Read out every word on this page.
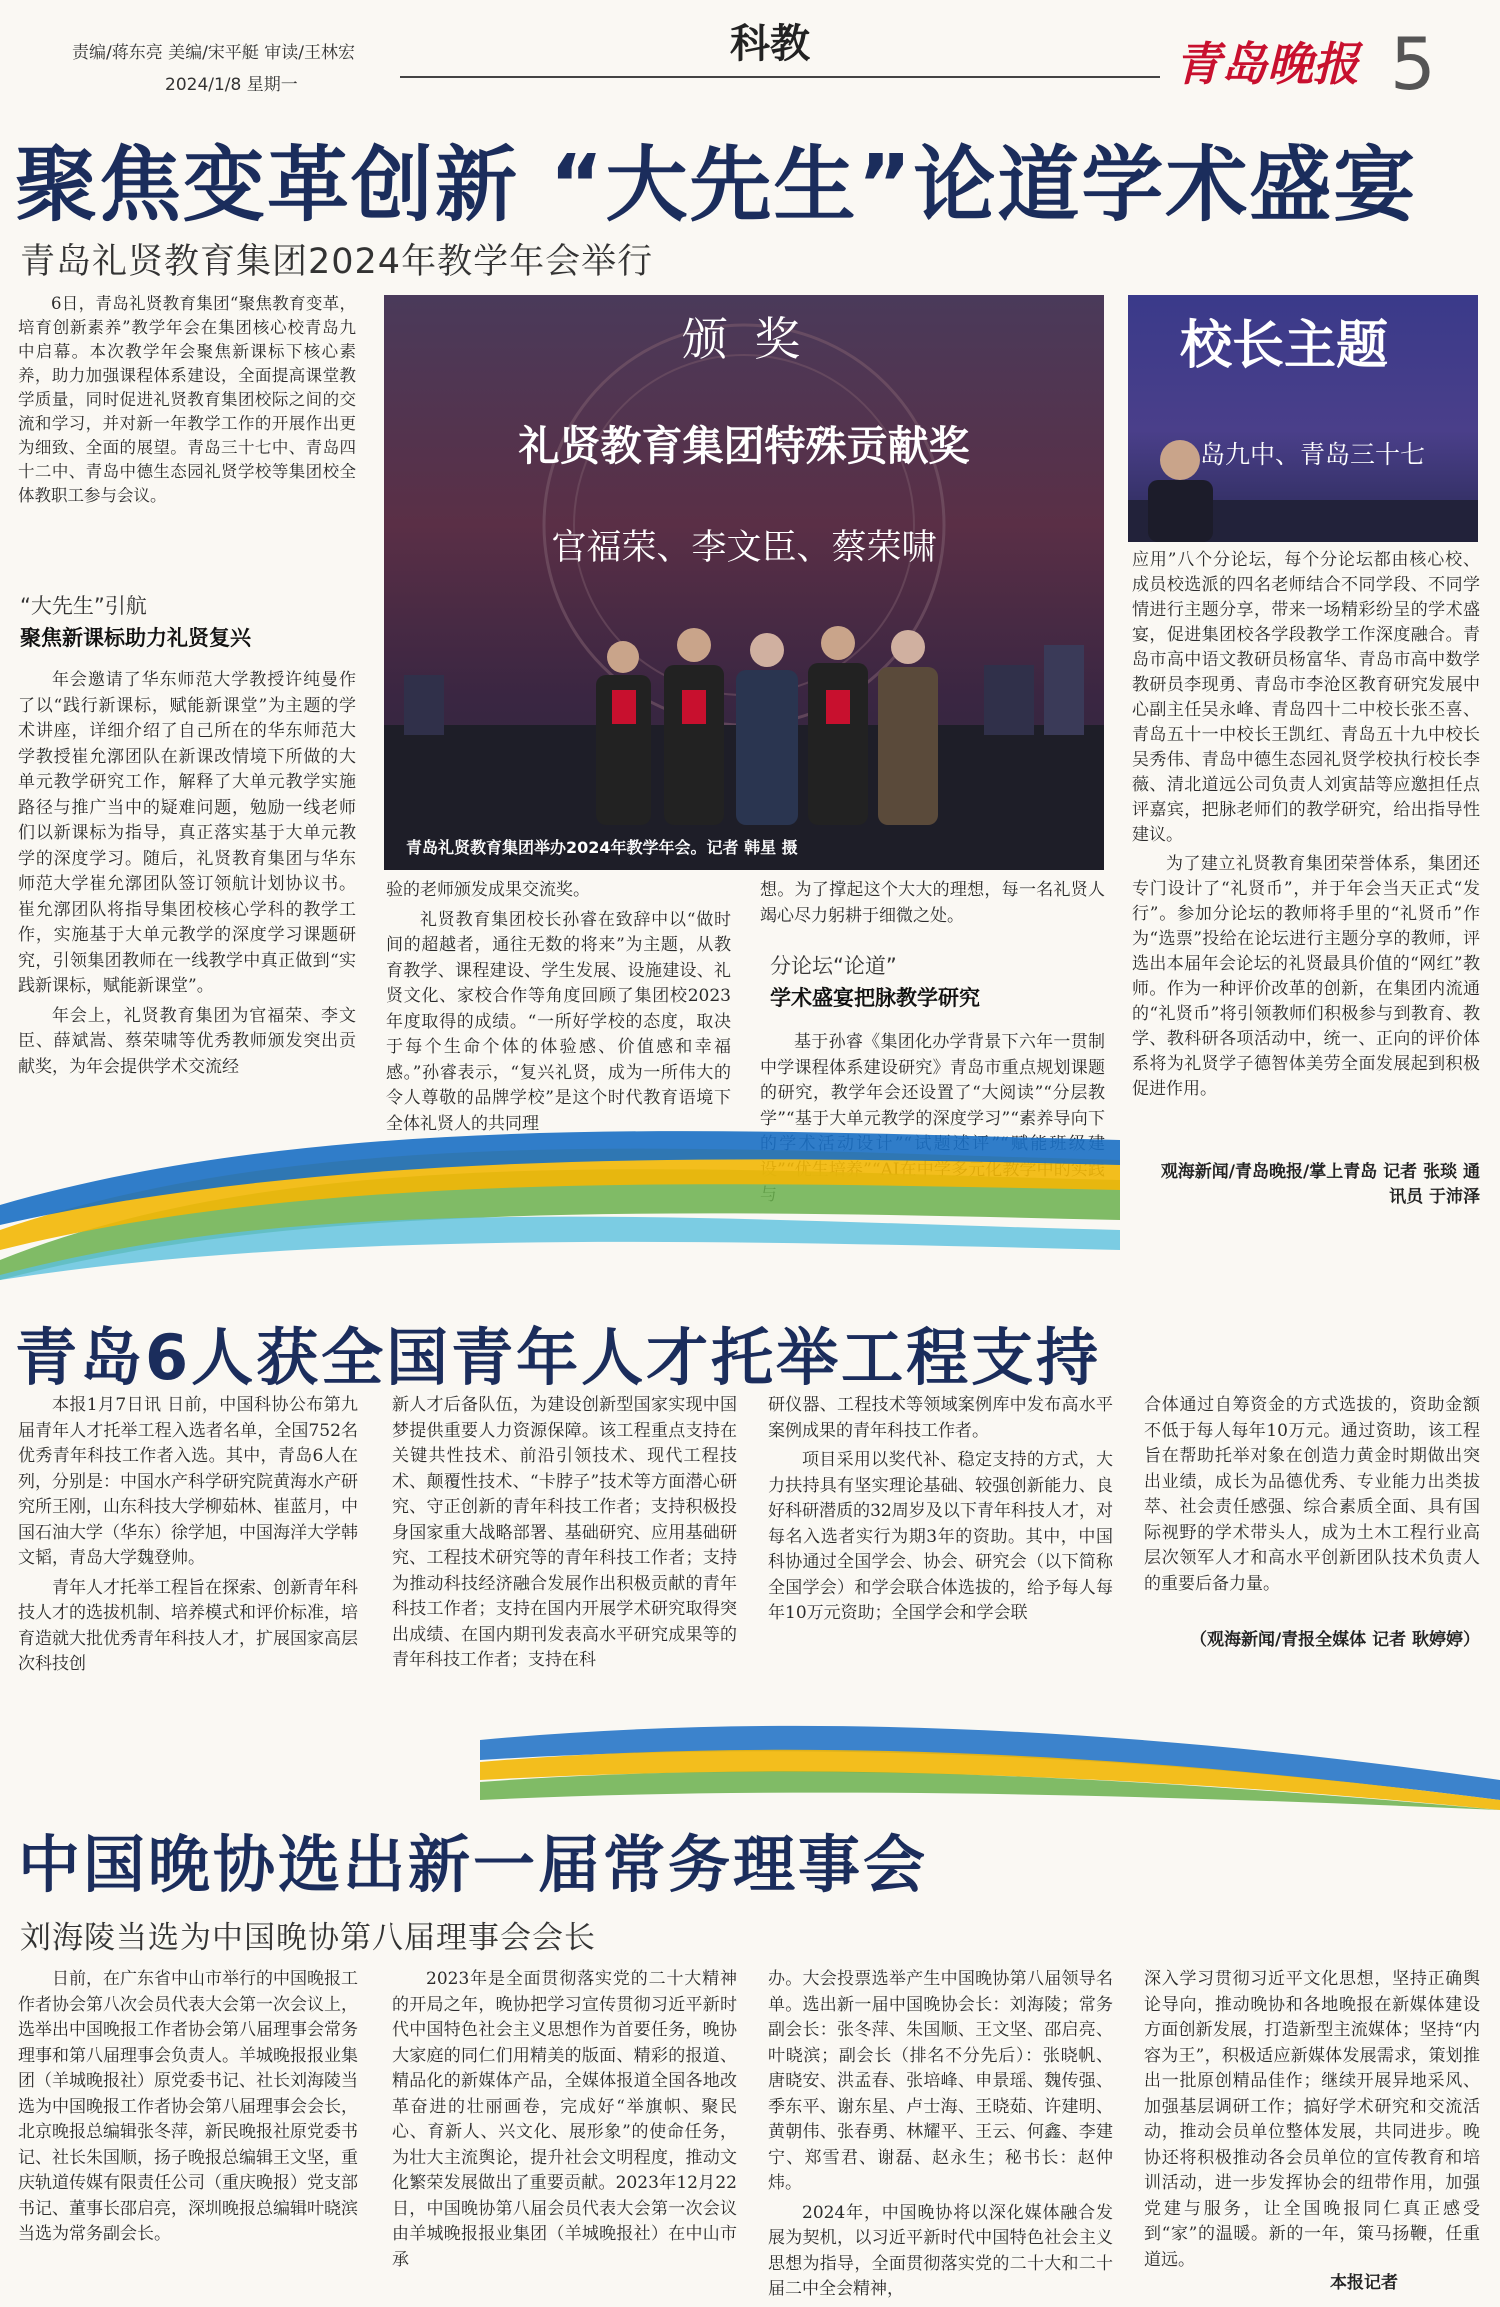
责编/蒋东亮 美编/宋平艇 审读/王林宏
2024/1/8 星期一
科教	青岛晚报 5
聚焦变革创新 “大先生”论道学术盛宴
青岛礼贤教育集团2024年教学年会举行

6日，青岛礼贤教育集团“聚焦教育变革，培育创新素养”教学年会在集团核心校青岛九中启幕。本次教学年会聚焦新课标下核心素养，助力加强课程体系建设，全面提高课堂教学质量，同时促进礼贤教育集团校际之间的交流和学习，并对新一年教学工作的开展作出更为细致、全面的展望。青岛三十七中、青岛四十二中、青岛中德生态园礼贤学校等集团校全体教职工参与会议。

“大先生”引航
聚焦新课标助力礼贤复兴

年会邀请了华东师范大学教授许纯曼作了以“践行新课标，赋能新课堂”为主题的学术讲座，详细介绍了自己所在的华东师范大学教授崔允漷团队在新课改情境下所做的大单元教学研究工作，解释了大单元教学实施路径与推广当中的疑难问题，勉励一线老师们以新课标为指导，真正落实基于大单元教学的深度学习。随后，礼贤教育集团与华东师范大学崔允漷团队签订领航计划协议书。崔允漷团队将指导集团校核心学科的教学工作，实施基于大单元教学的深度学习课题研究，引领集团教师在一线教学中真正做到“实践新课标，赋能新课堂”。

年会上，礼贤教育集团为官福荣、李文臣、薛斌嵩、蔡荣啸等优秀教师颁发突出贡献奖，为年会提供学术交流经

颁 奖
礼贤教育集团特殊贡献奖
官福荣、李文臣、蔡荣啸
青岛礼贤教育集团举办2024年教学年会。记者 韩星 摄
校长主题
岛九中、青岛三十七

验的老师颁发成果交流奖。

礼贤教育集团校长孙睿在致辞中以“做时间的超越者，通往无数的将来”为主题，从教育教学、课程建设、学生发展、设施建设、礼贤文化、家校合作等角度回顾了集团校2023年度取得的成绩。“一所好学校的态度，取决于每个生命个体的体验感、价值感和幸福感。”孙睿表示，“复兴礼贤，成为一所伟大的令人尊敬的品牌学校”是这个时代教育语境下全体礼贤人的共同理

想。为了撑起这个大大的理想，每一名礼贤人竭心尽力躬耕于细微之处。

分论坛“论道”
学术盛宴把脉教学研究

基于孙睿《集团化办学背景下六年一贯制中学课程体系建设研究》青岛市重点规划课题的研究，教学年会还设置了“大阅读”“分层教学”“基于大单元教学的深度学习”“素养导向下

应用”八个分论坛，每个分论坛都由核心校、成员校选派的四名老师结合不同学段、不同学情进行主题分享，带来一场精彩纷呈的学术盛宴，促进集团校各学段教学工作深度融合。青岛市高中语文教研员杨富华、青岛市高中数学教研员李现勇、青岛市李沧区教育研究发展中心副主任吴永峰、青岛四十二中校长张丕喜、青岛五十一中校长王凯红、青岛五十九中校长吴秀伟、青岛中德生态园礼贤学校执行校长李薇、清北道远公司负责人刘寅喆等应邀担任点评嘉宾，把脉老师们的教学研究，给出指导性建议。

为了建立礼贤教育集团荣誉体系，集团还专门设计了“礼贤币”，并于年会当天正式“发行”。参加分论坛的教师将手里的“礼贤币”作为“选票”投给在论坛进行主题分享的教师，评选出本届年会论坛的礼贤最具价值的“网红”教师。作为一种评价改革的创新，在集团内流通的“礼贤币”将引领教师们积极参与到教育、教学、教科研各项活动中，统一、正向的评价体系将为礼贤学子德智体美劳全面发展起到积极促进作用。

观海新闻/青岛晚报/掌上青岛 记者 张琰 通讯员 于沛泽
青岛6人获全国青年人才托举工程支持

本报1月7日讯 日前，中国科协公布第九届青年人才托举工程入选者名单，全国752名优秀青年科技工作者入选。其中，青岛6人在列，分别是：中国水产科学研究院黄海水产研究所王刚，山东科技大学柳茹林、崔蓝月，中国石油大学（华东）徐学旭，中国海洋大学韩文韬，青岛大学魏登帅。

青年人才托举工程旨在探索、创新青年科技人才的选拔机制、培养模式和评价标准，培育造就大批优秀青年科技人才，扩展国家高层次科技创

新人才后备队伍，为建设创新型国家实现中国梦提供重要人力资源保障。该工程重点支持在关键共性技术、前沿引领技术、现代工程技术、颠覆性技术、“卡脖子”技术等方面潜心研究、守正创新的青年科技工作者；支持积极投身国家重大战略部署、基础研究、应用基础研究、工程技术研究等的青年科技工作者；支持为推动科技经济融合发展作出积极贡献的青年科技工作者；支持在国内开展学术研究取得突出成绩、在国内期刊发表高水平研究成果等的青年科技工作者；支持在科

研仪器、工程技术等领域案例库中发布高水平案例成果的青年科技工作者。

项目采用以奖代补、稳定支持的方式，大力扶持具有坚实理论基础、较强创新能力、良好科研潜质的32周岁及以下青年科技人才，对每名入选者实行为期3年的资助。其中，中国科协通过全国学会、协会、研究会（以下简称全国学会）和学会联合体选拔的，给予每人每年10万元资助；全国学会和学会联

合体通过自筹资金的方式选拔的，资助金额不低于每人每年10万元。通过资助，该工程旨在帮助托举对象在创造力黄金时期做出突出业绩，成长为品德优秀、专业能力出类拔萃、社会责任感强、综合素质全面、具有国际视野的学术带头人，成为土木工程行业高层次领军人才和高水平创新团队技术负责人的重要后备力量。

（观海新闻/青报全媒体 记者 耿婷婷）
中国晚协选出新一届常务理事会
刘海陵当选为中国晚协第八届理事会会长

日前，在广东省中山市举行的中国晚报工作者协会第八次会员代表大会第一次会议上，选举出中国晚报工作者协会第八届理事会常务理事和第八届理事会负责人。羊城晚报报业集团（羊城晚报社）原党委书记、社长刘海陵当选为中国晚报工作者协会第八届理事会会长，北京晚报总编辑张冬萍，新民晚报社原党委书记、社长朱国顺，扬子晚报总编辑王文坚，重庆轨道传媒有限责任公司（重庆晚报）党支部书记、董事长邵启亮，深圳晚报总编辑叶晓滨当选为常务副会长。

2023年是全面贯彻落实党的二十大精神的开局之年，晚协把学习宣传贯彻习近平新时代中国特色社会主义思想作为首要任务，晚协大家庭的同仁们用精美的版面、精彩的报道、精品化的新媒体产品，全媒体报道全国各地改革奋进的壮丽画卷，完成好“举旗帜、聚民心、育新人、兴文化、展形象”的使命任务，为壮大主流舆论，提升社会文明程度，推动文化繁荣发展做出了重要贡献。2023年12月22日，中国晚协第八届会员代表大会第一次会议由羊城晚报报业集团（羊城晚报社）在中山市承

办。大会投票选举产生中国晚协第八届领导名单。选出新一届中国晚协会长：刘海陵；常务副会长：张冬萍、朱国顺、王文坚、邵启亮、叶晓滨；副会长（排名不分先后）：张晓帆、唐晓安、洪孟春、张培峰、申景瑶、魏传强、季东平、谢东星、卢士海、王晓茹、许建明、黄朝伟、张春勇、林耀平、王云、何鑫、李建宁、郑雪君、谢磊、赵永生；秘书长：赵仲炜。

2024年，中国晚协将以深化媒体融合发展为契机，以习近平新时代中国特色社会主义思想为指导，全面贯彻落实党的二十大和二十届二中全会精神，

深入学习贯彻习近平文化思想，坚持正确舆论导向，推动晚协和各地晚报在新媒体建设方面创新发展，打造新型主流媒体；坚持“内容为王”，积极适应新媒体发展需求，策划推出一批原创精品佳作；继续开展异地采风、加强基层调研工作；搞好学术研究和交流活动，推动会员单位整体发展，共同进步。晚协还将积极推动各会员单位的宣传教育和培训活动，进一步发挥协会的纽带作用，加强党建与服务，让全国晚报同仁真正感受到“家”的温暖。新的一年，策马扬鞭，任重道远。

本报记者
